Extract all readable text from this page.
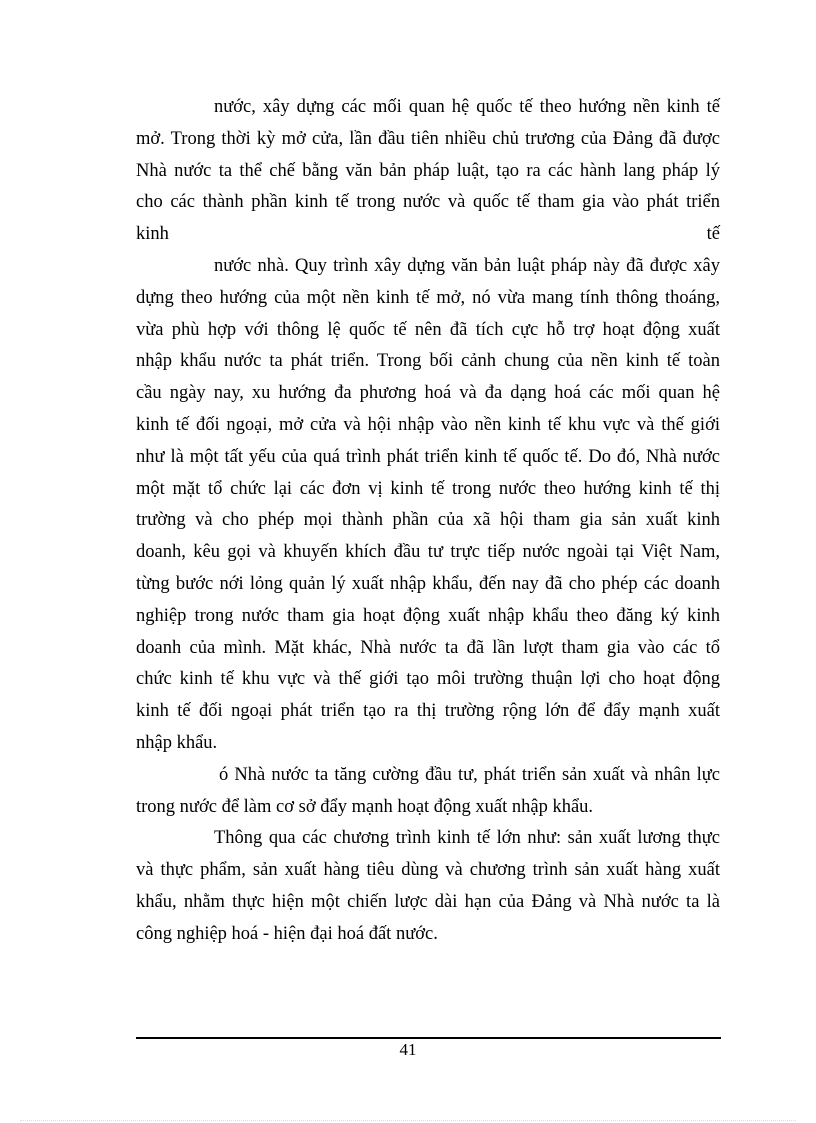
nước, xây dựng các mối quan hệ quốc tế theo hướng nền kinh tế
mở. Trong thời kỳ mở cửa, lần đầu tiên nhiều chủ trương của Đảng đã được
Nhà nước ta thể chế bằng văn bản pháp luật, tạo ra các hành lang pháp lý
cho các thành phần kinh tế trong nước và quốc tế tham gia vào phát triển
kinh tế
nước nhà. Quy trình xây dựng văn bản luật pháp này đã được xây
dựng theo hướng của một nền kinh tế mở, nó vừa mang tính thông thoáng,
vừa phù hợp với thông lệ quốc tế nên đã tích cực hỗ trợ hoạt động xuất
nhập khẩu nước ta phát triển. Trong bối cảnh chung của nền kinh tế toàn
cầu ngày nay, xu hướng đa phương hoá và đa dạng hoá các mối quan hệ
kinh tế đối ngoại, mở cửa và hội nhập vào nền kinh tế khu vực và thế giới
như là một tất yếu của quá trình phát triển kinh tế quốc tế. Do đó, Nhà nước
một mặt tổ chức lại các đơn vị kinh tế trong nước theo hướng kinh tế thị
trường và cho phép mọi thành phần của xã hội tham gia sản xuất kinh
doanh, kêu gọi và khuyến khích đầu tư trực tiếp nước ngoài tại Việt Nam,
từng bước nới lỏng quản lý xuất nhập khẩu, đến nay đã cho phép các doanh
nghiệp trong nước tham gia hoạt động xuất nhập khẩu theo đăng ký kinh
doanh của mình. Mặt khác, Nhà nước ta đã lần lượt tham gia vào các tổ
chức kinh tế khu vực và thế giới tạo môi trường thuận lợi cho hoạt động
kinh tế đối ngoại phát triển tạo ra thị trường rộng lớn để đẩy mạnh xuất
nhập khẩu.
ó Nhà nước ta tăng cường đầu tư, phát triển sản xuất và nhân lực
trong nước để làm cơ sở đẩy mạnh hoạt động xuất nhập khẩu.
Thông qua các chương trình kinh tế lớn như: sản xuất lương thực
và thực phẩm, sản xuất hàng tiêu dùng và chương trình sản xuất hàng xuất
khẩu, nhằm thực hiện một chiến lược dài hạn của Đảng và Nhà nước ta là
công nghiệp hoá - hiện đại hoá đất nước.
41
